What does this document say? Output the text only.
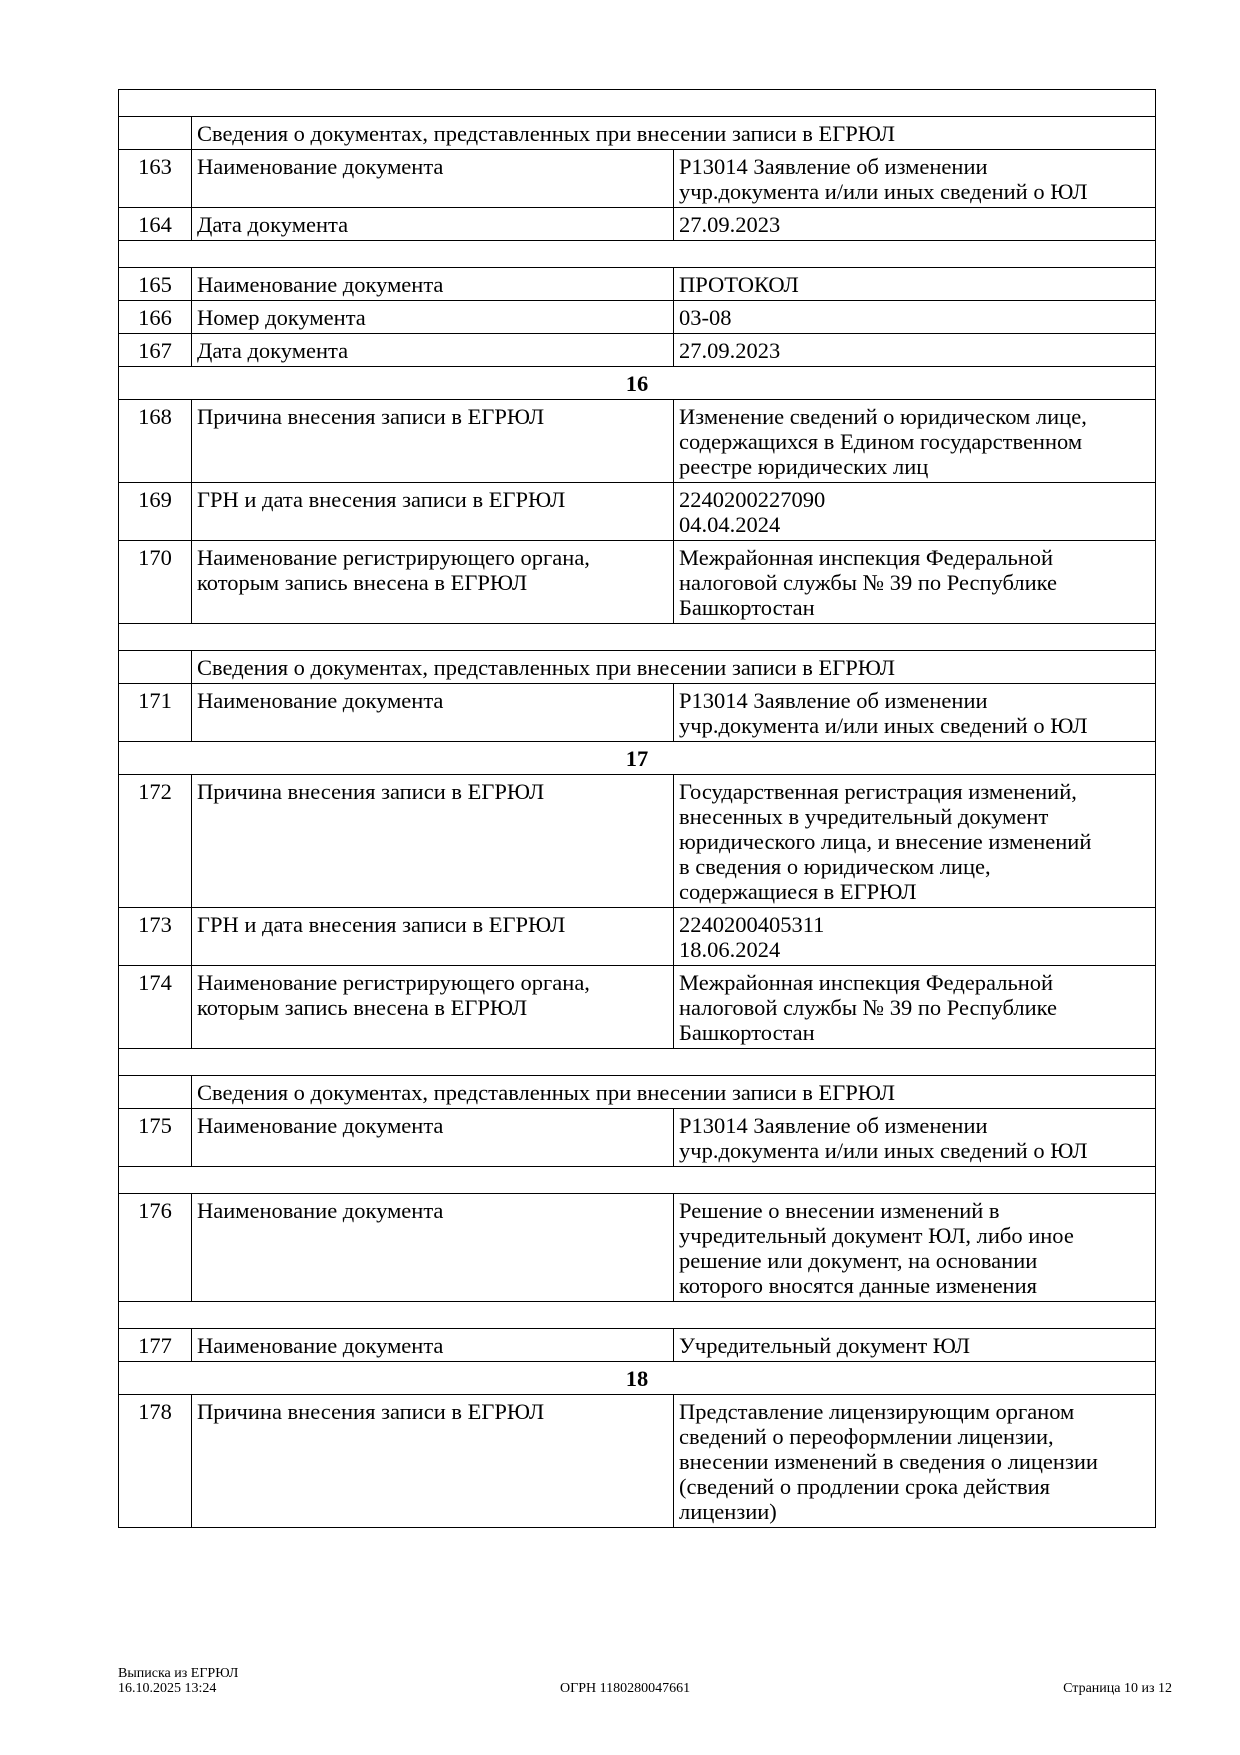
	Сведения о документах, представленных при внесении записи в ЕГРЮЛ	
163	Наименование документа	Р13014 Заявление об изменении
учр.документа и/или иных сведений о ЮЛ
164	Дата документа	27.09.2023

165	Наименование документа	ПРОТОКОЛ
166	Номер документа	03-08
167	Дата документа	27.09.2023
16		
168	Причина внесения записи в ЕГРЮЛ	Изменение сведений о юридическом лице,
содержащихся в Едином государственном
реестре юридических лиц
169	ГРН и дата внесения записи в ЕГРЮЛ	2240200227090
04.04.2024
170	Наименование регистрирующего органа,
которым запись внесена в ЕГРЮЛ	Межрайонная инспекция Федеральной
налоговой службы № 39 по Республике
Башкортостан

	Сведения о документах, представленных при внесении записи в ЕГРЮЛ	
171	Наименование документа	Р13014 Заявление об изменении
учр.документа и/или иных сведений о ЮЛ
17		
172	Причина внесения записи в ЕГРЮЛ	Государственная регистрация изменений,
внесенных в учредительный документ
юридического лица, и внесение изменений
в сведения о юридическом лице,
содержащиеся в ЕГРЮЛ
173	ГРН и дата внесения записи в ЕГРЮЛ	2240200405311
18.06.2024
174	Наименование регистрирующего органа,
которым запись внесена в ЕГРЮЛ	Межрайонная инспекция Федеральной
налоговой службы № 39 по Республике
Башкортостан

	Сведения о документах, представленных при внесении записи в ЕГРЮЛ	
175	Наименование документа	Р13014 Заявление об изменении
учр.документа и/или иных сведений о ЮЛ

176	Наименование документа	Решение о внесении изменений в
учредительный документ ЮЛ, либо иное
решение или документ, на основании
которого вносятся данные изменения

177	Наименование документа	Учредительный документ ЮЛ
18		
178	Причина внесения записи в ЕГРЮЛ	Представление лицензирующим органом
сведений о переоформлении лицензии,
внесении изменений в сведения о лицензии
(сведений о продлении срока действия
лицензии)
Выписка из ЕГРЮЛ
16.10.2025 13:24	ОГРН 1180280047661	Страница 10 из 12
